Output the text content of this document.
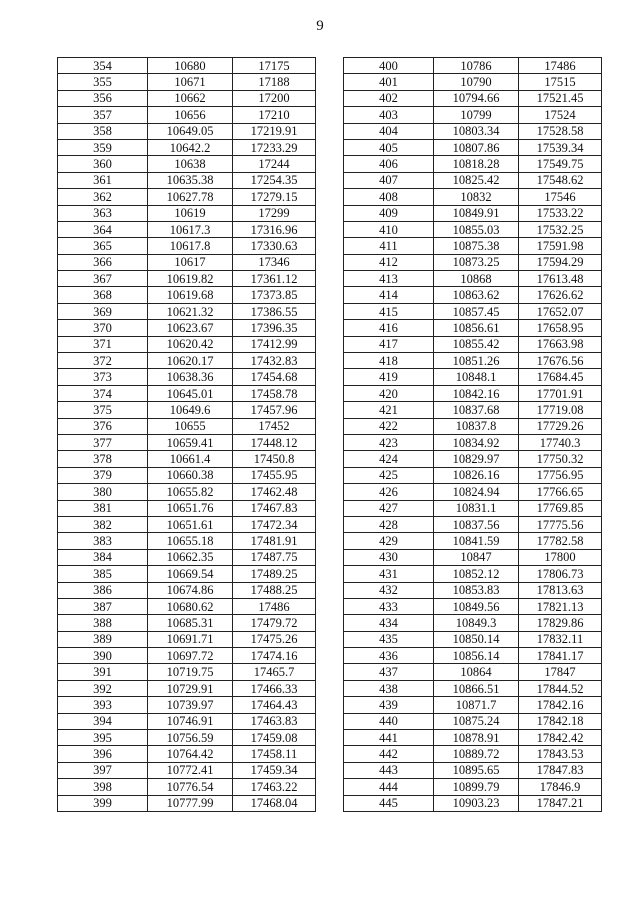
9
354	10680	17175
355	10671	17188
356	10662	17200
357	10656	17210
358	10649.05	17219.91
359	10642.2	17233.29
360	10638	17244
361	10635.38	17254.35
362	10627.78	17279.15
363	10619	17299
364	10617.3	17316.96
365	10617.8	17330.63
366	10617	17346
367	10619.82	17361.12
368	10619.68	17373.85
369	10621.32	17386.55
370	10623.67	17396.35
371	10620.42	17412.99
372	10620.17	17432.83
373	10638.36	17454.68
374	10645.01	17458.78
375	10649.6	17457.96
376	10655	17452
377	10659.41	17448.12
378	10661.4	17450.8
379	10660.38	17455.95
380	10655.82	17462.48
381	10651.76	17467.83
382	10651.61	17472.34
383	10655.18	17481.91
384	10662.35	17487.75
385	10669.54	17489.25
386	10674.86	17488.25
387	10680.62	17486
388	10685.31	17479.72
389	10691.71	17475.26
390	10697.72	17474.16
391	10719.75	17465.7
392	10729.91	17466.33
393	10739.97	17464.43
394	10746.91	17463.83
395	10756.59	17459.08
396	10764.42	17458.11
397	10772.41	17459.34
398	10776.54	17463.22
399	10777.99	17468.04
400	10786	17486
401	10790	17515
402	10794.66	17521.45
403	10799	17524
404	10803.34	17528.58
405	10807.86	17539.34
406	10818.28	17549.75
407	10825.42	17548.62
408	10832	17546
409	10849.91	17533.22
410	10855.03	17532.25
411	10875.38	17591.98
412	10873.25	17594.29
413	10868	17613.48
414	10863.62	17626.62
415	10857.45	17652.07
416	10856.61	17658.95
417	10855.42	17663.98
418	10851.26	17676.56
419	10848.1	17684.45
420	10842.16	17701.91
421	10837.68	17719.08
422	10837.8	17729.26
423	10834.92	17740.3
424	10829.97	17750.32
425	10826.16	17756.95
426	10824.94	17766.65
427	10831.1	17769.85
428	10837.56	17775.56
429	10841.59	17782.58
430	10847	17800
431	10852.12	17806.73
432	10853.83	17813.63
433	10849.56	17821.13
434	10849.3	17829.86
435	10850.14	17832.11
436	10856.14	17841.17
437	10864	17847
438	10866.51	17844.52
439	10871.7	17842.16
440	10875.24	17842.18
441	10878.91	17842.42
442	10889.72	17843.53
443	10895.65	17847.83
444	10899.79	17846.9
445	10903.23	17847.21
